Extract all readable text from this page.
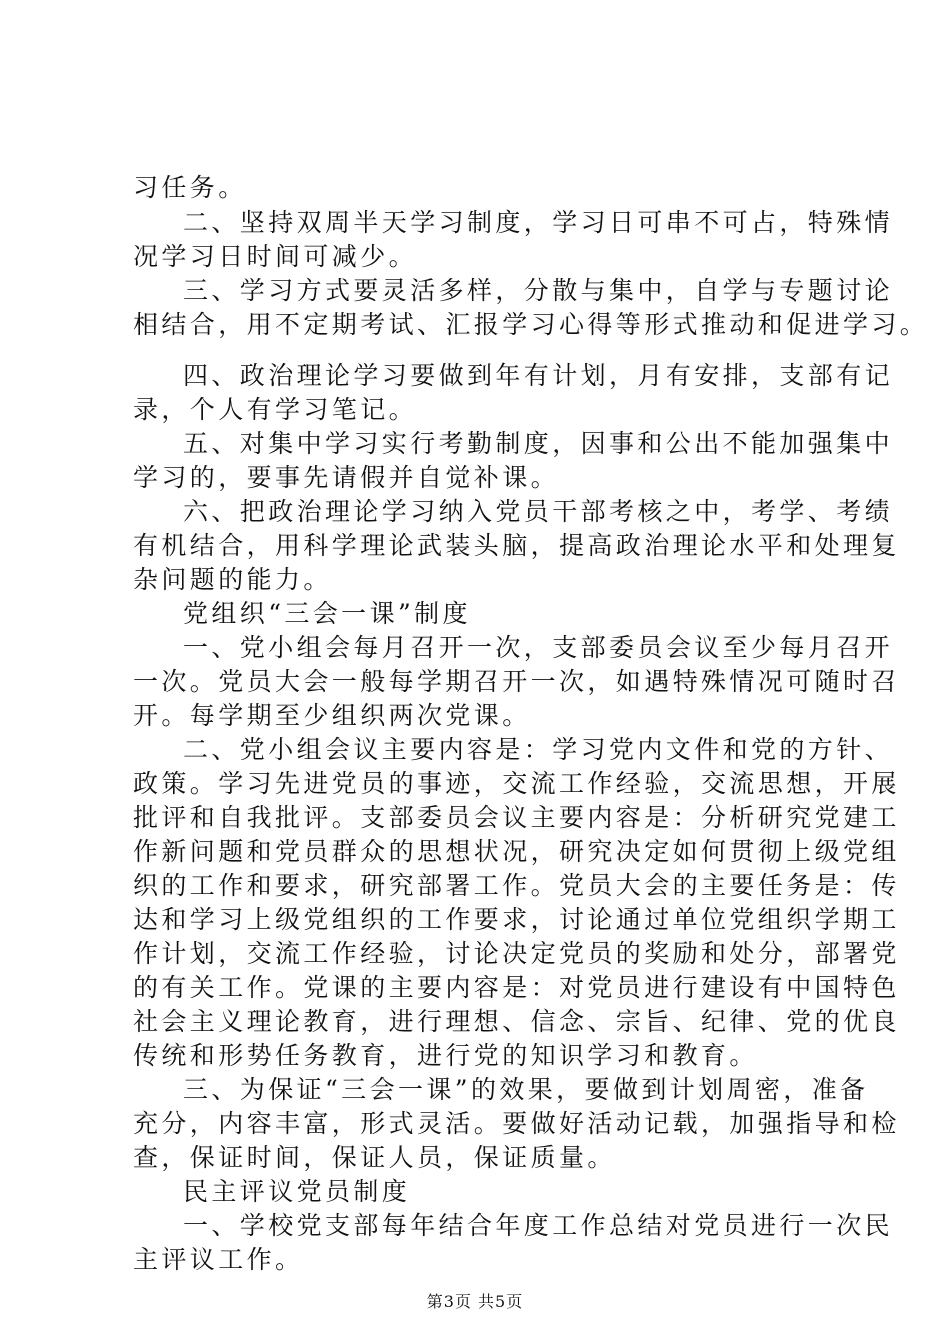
习任务。
二、坚持双周半天学习制度，学习日可串不可占，特殊情
况学习日时间可减少。
三、学习方式要灵活多样，分散与集中，自学与专题讨论
相结合，用不定期考试、汇报学习心得等形式推动和促进学习。
四、政治理论学习要做到年有计划，月有安排，支部有记
录，个人有学习笔记。
五、对集中学习实行考勤制度，因事和公出不能加强集中
学习的，要事先请假并自觉补课。
六、把政治理论学习纳入党员干部考核之中，考学、考绩
有机结合，用科学理论武装头脑，提高政治理论水平和处理复
杂问题的能力。
党组织“三会一课”制度
一、党小组会每月召开一次，支部委员会议至少每月召开
一次。党员大会一般每学期召开一次，如遇特殊情况可随时召
开。每学期至少组织两次党课。
二、党小组会议主要内容是：学习党内文件和党的方针、
政策。学习先进党员的事迹，交流工作经验，交流思想，开展
批评和自我批评。支部委员会议主要内容是：分析研究党建工
作新问题和党员群众的思想状况，研究决定如何贯彻上级党组
织的工作和要求，研究部署工作。党员大会的主要任务是：传
达和学习上级党组织的工作要求，讨论通过单位党组织学期工
作计划，交流工作经验，讨论决定党员的奖励和处分，部署党
的有关工作。党课的主要内容是：对党员进行建设有中国特色
社会主义理论教育，进行理想、信念、宗旨、纪律、党的优良
传统和形势任务教育，进行党的知识学习和教育。
三、为保证“三会一课”的效果，要做到计划周密，准备
充分，内容丰富，形式灵活。要做好活动记载，加强指导和检
查，保证时间，保证人员，保证质量。
民主评议党员制度
一、学校党支部每年结合年度工作总结对党员进行一次民
主评议工作。
第3页 共5页
